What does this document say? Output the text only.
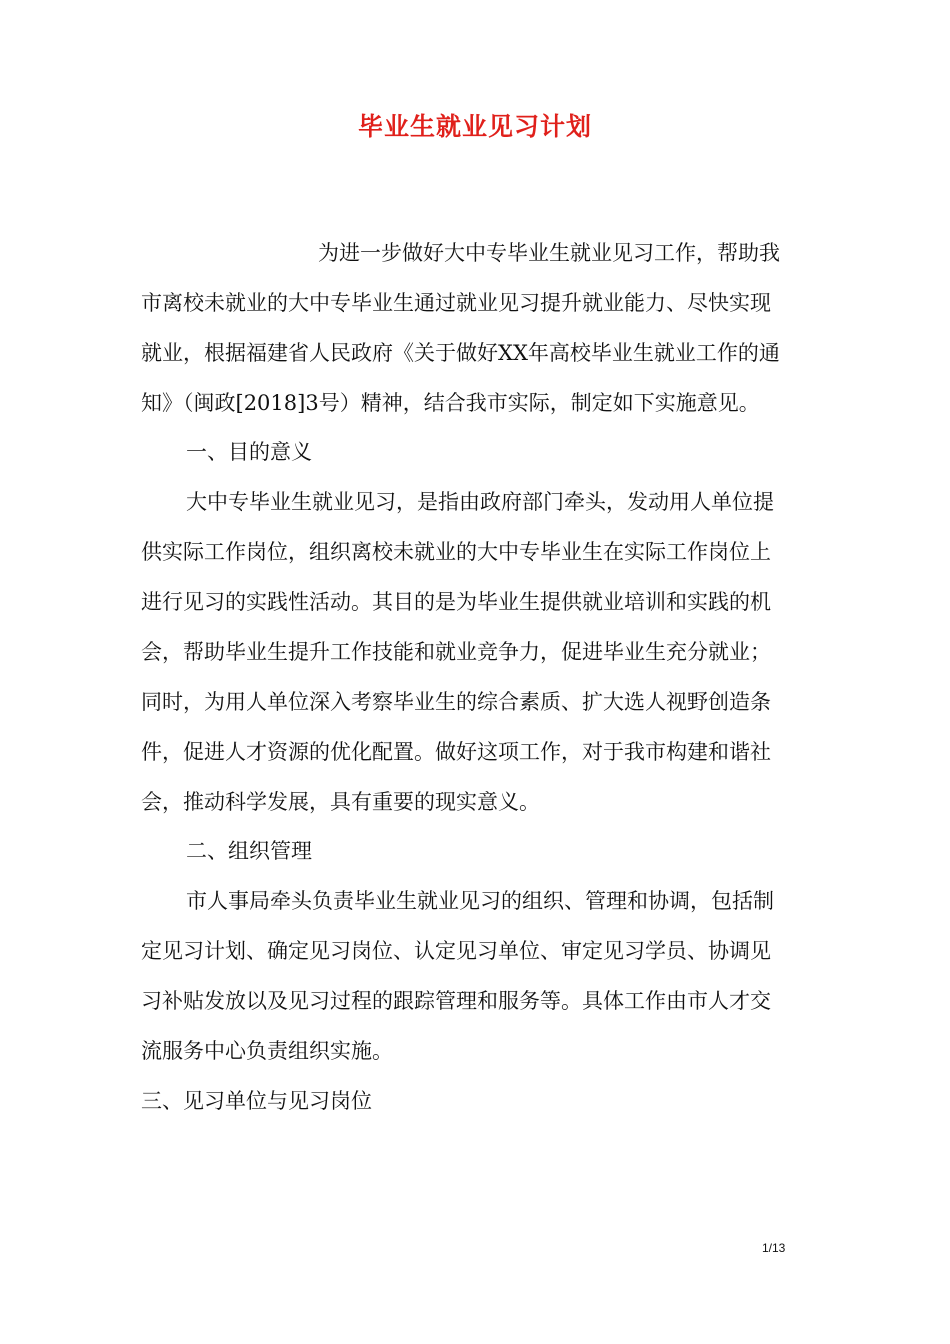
毕业生就业见习计划

为进一步做好大中专毕业生就业见习工作，帮助我

市离校未就业的大中专毕业生通过就业见习提升就业能力、尽快实现

就业，根据福建省人民政府《关于做好XX年高校毕业生就业工作的通

知》（闽政[2018]3号）精神，结合我市实际，制定如下实施意见。

一、目的意义

大中专毕业生就业见习，是指由政府部门牵头，发动用人单位提

供实际工作岗位，组织离校未就业的大中专毕业生在实际工作岗位上

进行见习的实践性活动。其目的是为毕业生提供就业培训和实践的机

会，帮助毕业生提升工作技能和就业竞争力，促进毕业生充分就业；

同时，为用人单位深入考察毕业生的综合素质、扩大选人视野创造条

件，促进人才资源的优化配置。做好这项工作，对于我市构建和谐社

会，推动科学发展，具有重要的现实意义。

二、组织管理

市人事局牵头负责毕业生就业见习的组织、管理和协调，包括制

定见习计划、确定见习岗位、认定见习单位、审定见习学员、协调见

习补贴发放以及见习过程的跟踪管理和服务等。具体工作由市人才交

流服务中心负责组织实施。

三、见习单位与见习岗位

1/13
